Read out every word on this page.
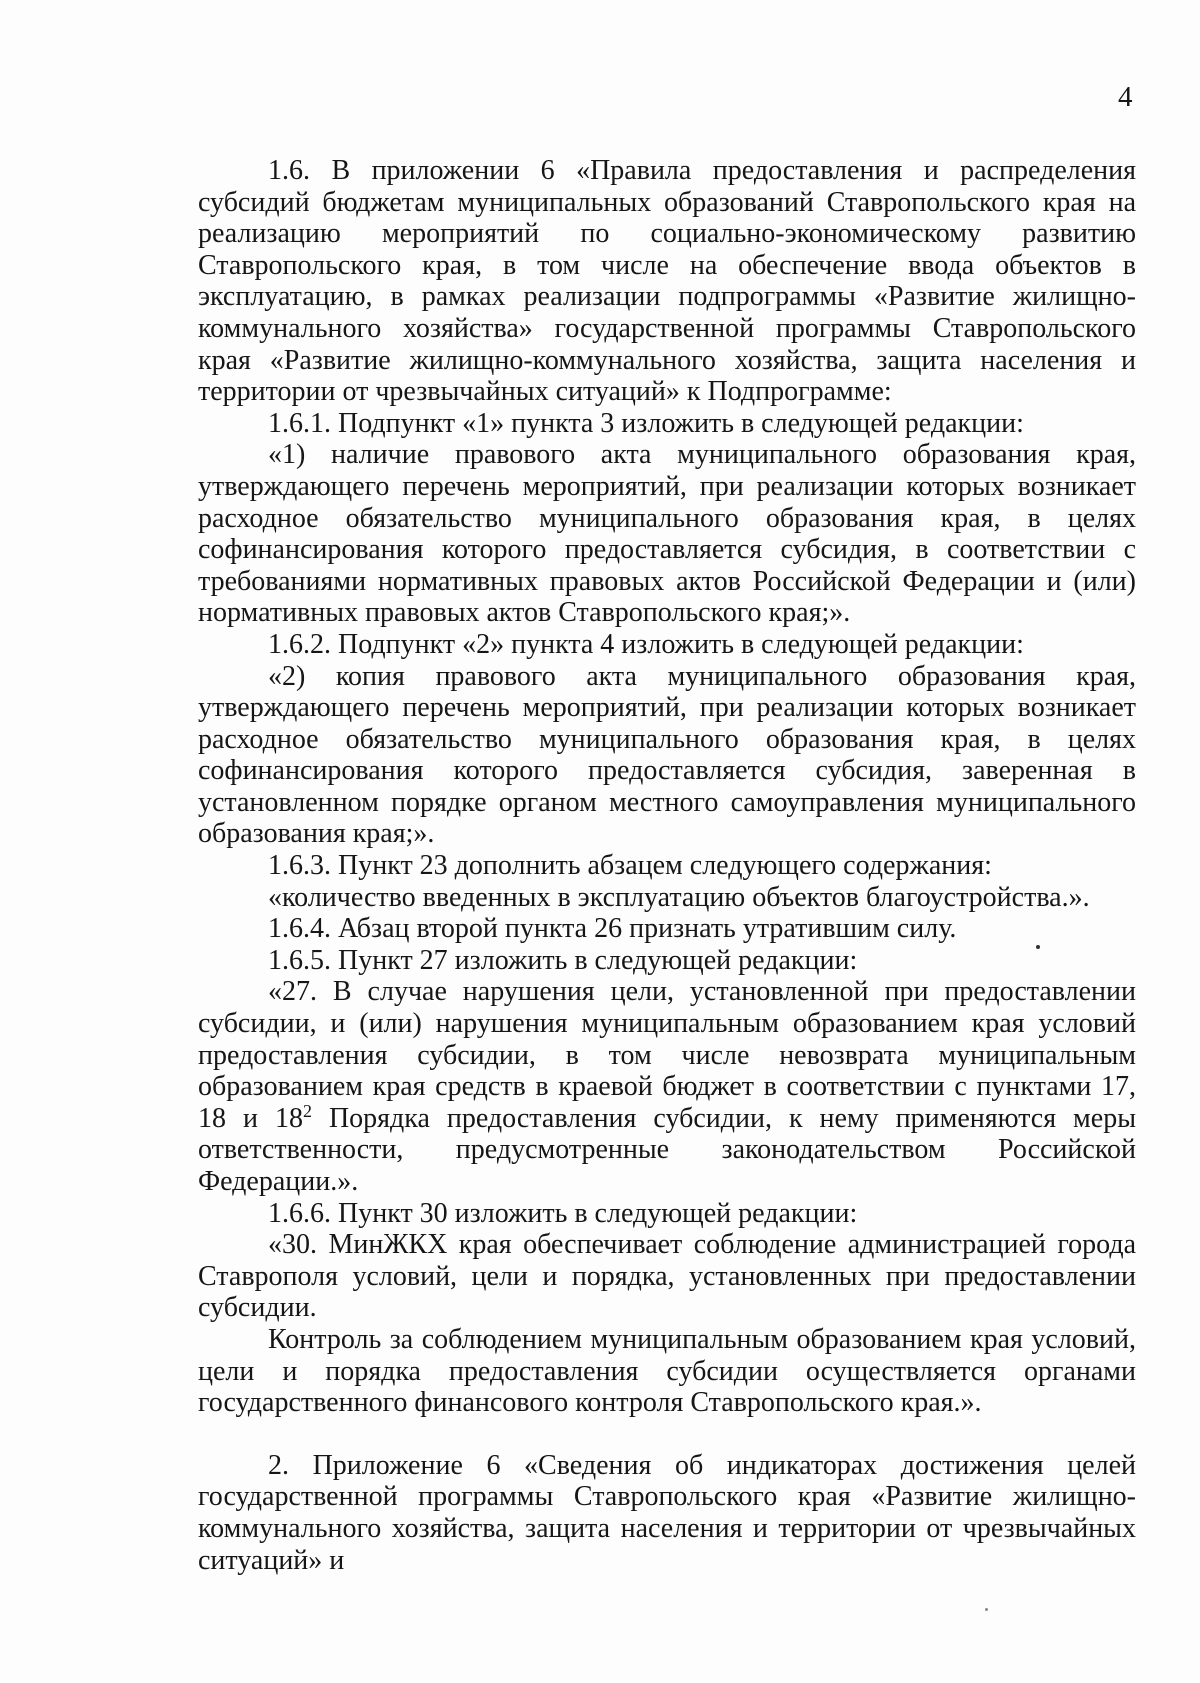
4

1.6. В приложении 6 «Правила предоставления и распределения субсидий бюджетам муниципальных образований Ставропольского края на реализацию мероприятий по социально-экономическому развитию Ставропольского края, в том числе на обеспечение ввода объектов в эксплуатацию, в рамках реализации подпрограммы «Развитие жилищно-коммунального хозяйства» государственной программы Ставропольского края «Развитие жилищно-коммунального хозяйства, защита населения и территории от чрезвычайных ситуаций» к Подпрограмме:

1.6.1. Подпункт «1» пункта 3 изложить в следующей редакции:

«1) наличие правового акта муниципального образования края, утверждающего перечень мероприятий, при реализации которых возникает расходное обязательство муниципального образования края, в целях софинансирования которого предоставляется субсидия, в соответствии с требованиями нормативных правовых актов Российской Федерации и (или) нормативных правовых актов Ставропольского края;».

1.6.2. Подпункт «2» пункта 4 изложить в следующей редакции:

«2) копия правового акта муниципального образования края, утверждающего перечень мероприятий, при реализации которых возникает расходное обязательство муниципального образования края, в целях софинансирования которого предоставляется субсидия, заверенная в установленном порядке органом местного самоуправления муниципального образования края;».

1.6.3. Пункт 23 дополнить абзацем следующего содержания:

«количество введенных в эксплуатацию объектов благоустройства.».

1.6.4. Абзац второй пункта 26 признать утратившим силу.

1.6.5. Пункт 27 изложить в следующей редакции:

«27. В случае нарушения цели, установленной при предоставлении субсидии, и (или) нарушения муниципальным образованием края условий предоставления субсидии, в том числе невозврата муниципальным образованием края средств в краевой бюджет в соответствии с пунктами 17, 18 и $18^2$ Порядка предоставления субсидии, к нему применяются меры ответственности, предусмотренные законодательством Российской Федерации.».

1.6.6. Пункт 30 изложить в следующей редакции:

«30. МинЖКХ края обеспечивает соблюдение администрацией города Ставрополя условий, цели и порядка, установленных при предоставлении субсидии.

Контроль за соблюдением муниципальным образованием края условий, цели и порядка предоставления субсидии осуществляется органами государственного финансового контроля Ставропольского края.».

2. Приложение 6 «Сведения об индикаторах достижения целей государственной программы Ставропольского края «Развитие жилищно-коммунального хозяйства, защита населения и территории от чрезвычайных ситуаций» и
